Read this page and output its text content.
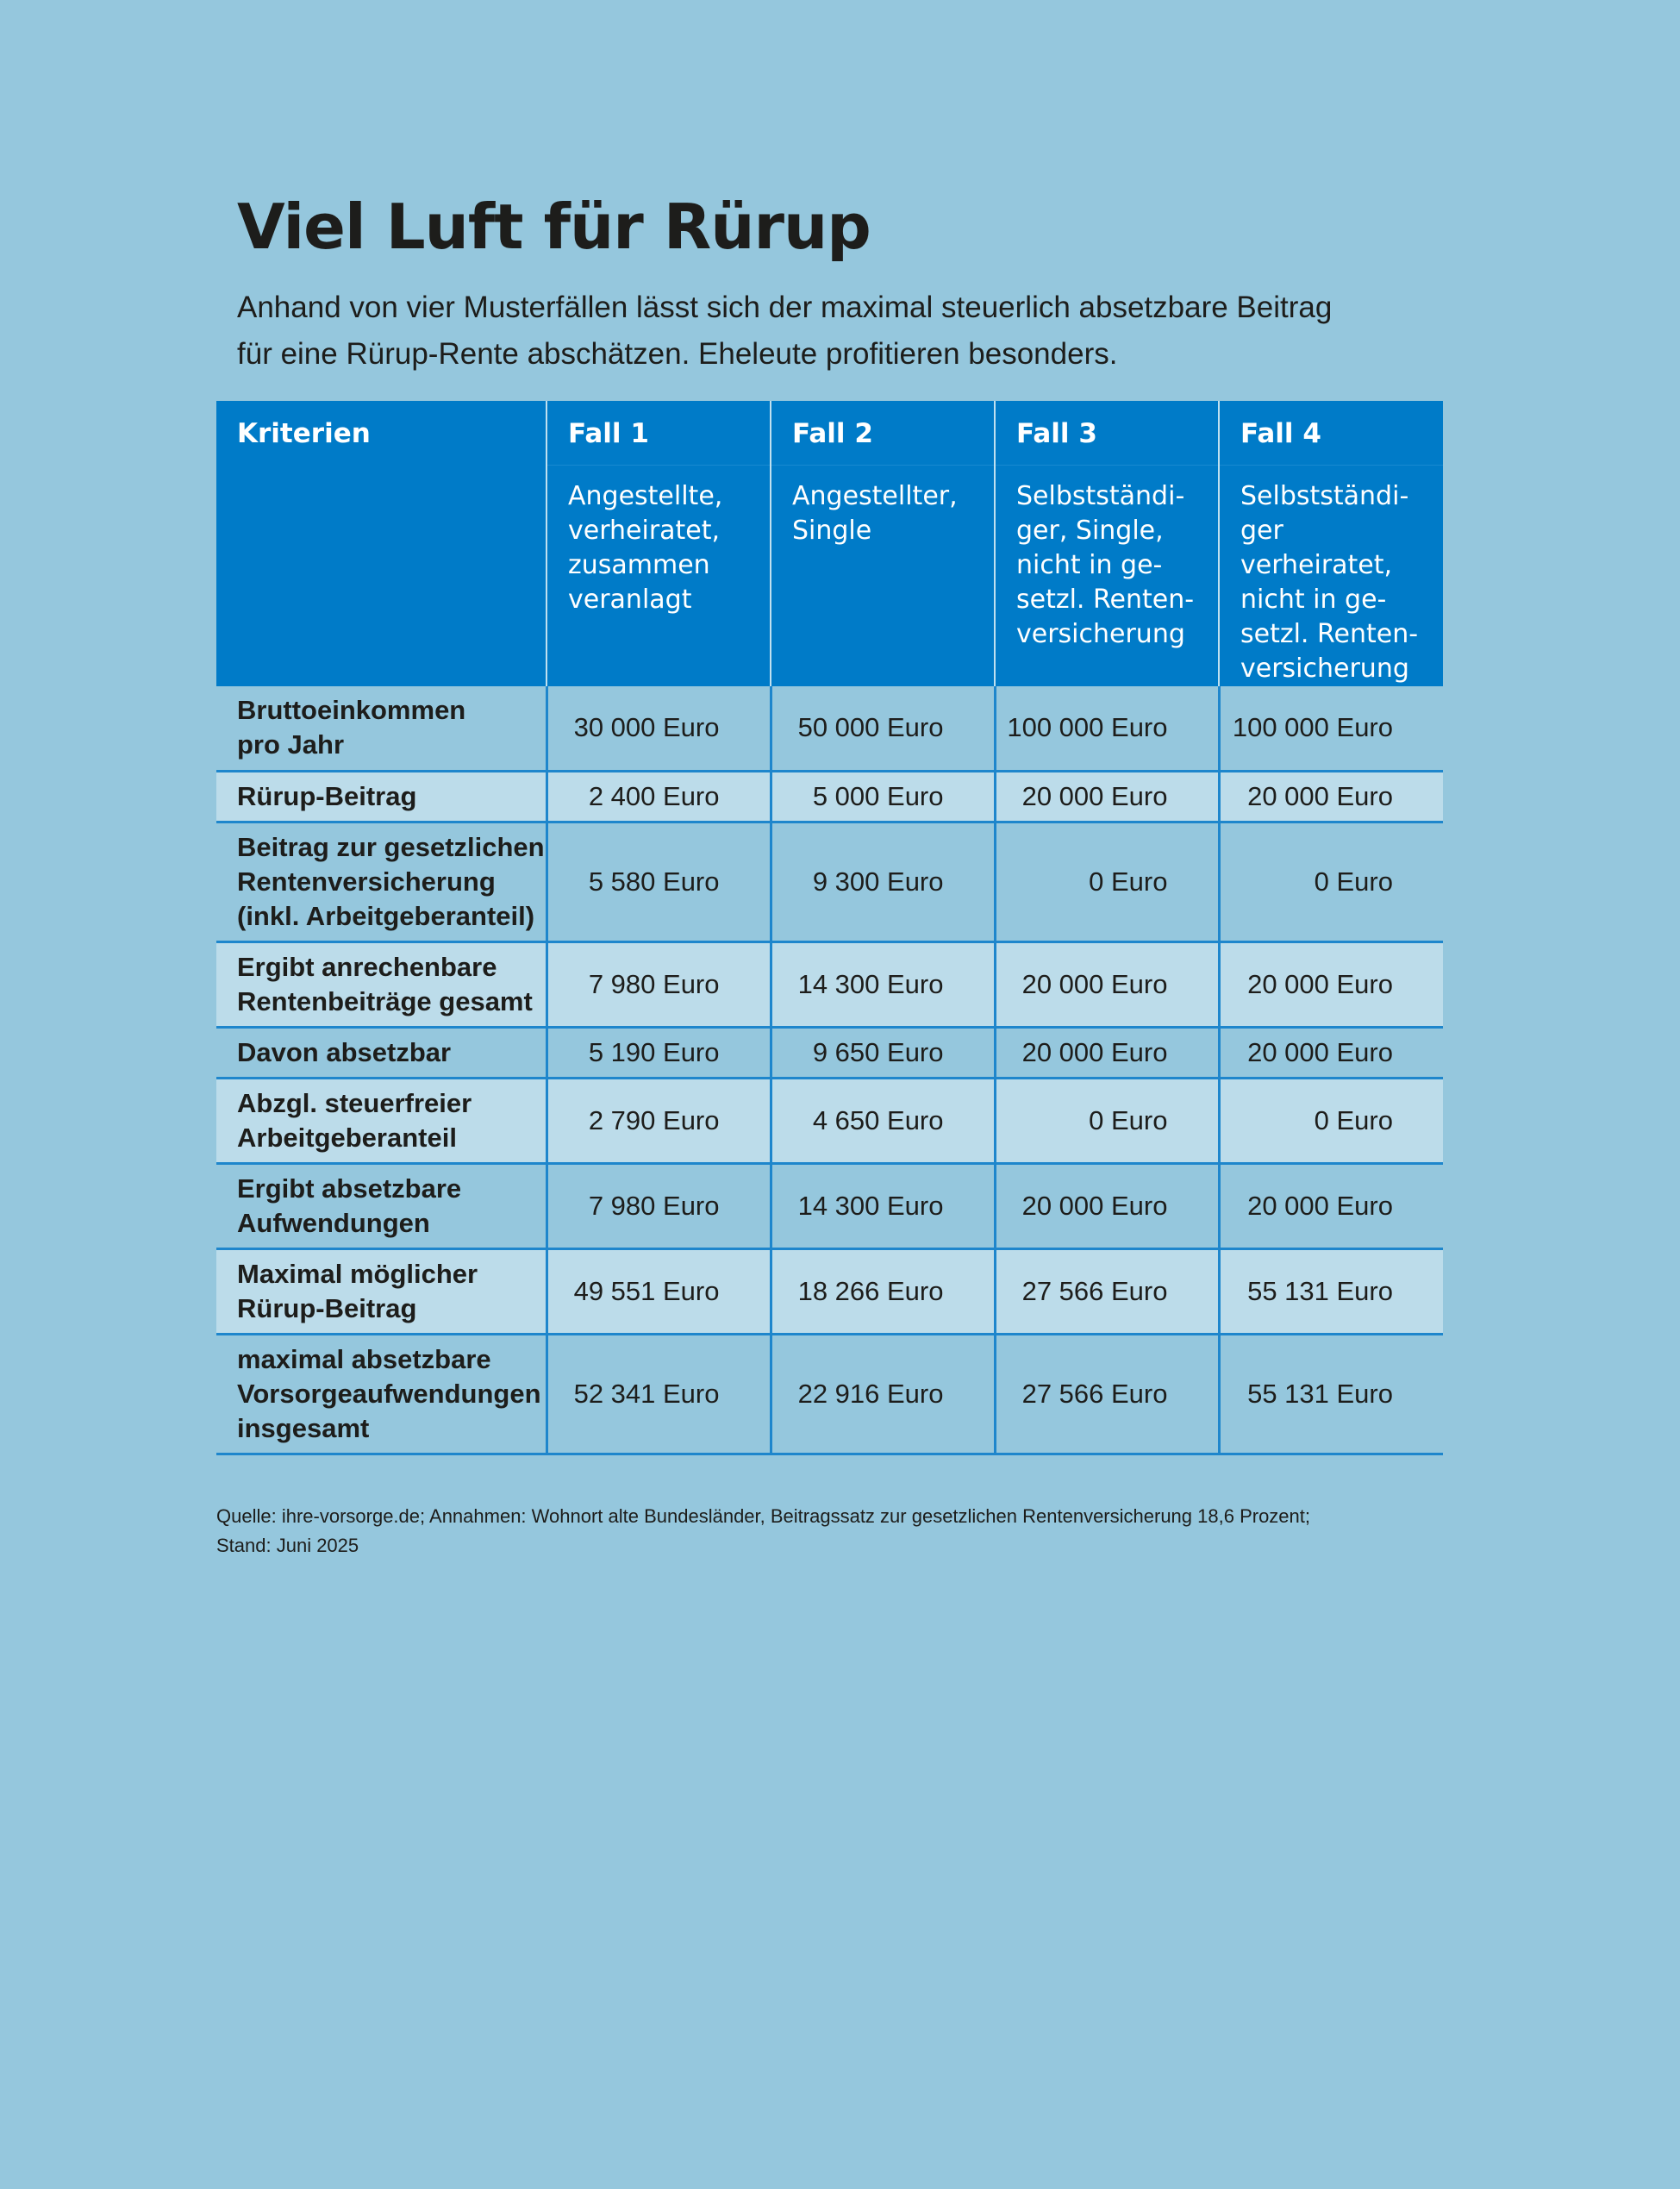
Viel Luft für Rürup

Anhand von vier Musterfällen lässt sich der maximal steuerlich absetzbare Beitrag
für eine Rürup-Rente abschätzen. Eheleute profitieren besonders.

Kriterien	Fall 1	Fall 2	Fall 3	Fall 4
	Angestellte,
verheiratet,
zusammen
veranlagt	Angestellter,
Single	Selbstständi-
ger, Single,
nicht in ge-
setzl. Renten-
versicherung	Selbstständi-
ger verheiratet,
nicht in ge-
setzl. Renten-
versicherung
Bruttoeinkommen
pro Jahr	30 000 Euro	50 000 Euro	100 000 Euro	100 000 Euro
Rürup-Beitrag	2 400 Euro	5 000 Euro	20 000 Euro	20 000 Euro
Beitrag zur gesetzlichen
Rentenversicherung
(inkl. Arbeitgeberanteil)	5 580 Euro	9 300 Euro	0 Euro	0 Euro
Ergibt anrechenbare
Rentenbeiträge gesamt	7 980 Euro	14 300 Euro	20 000 Euro	20 000 Euro
Davon absetzbar	5 190 Euro	9 650 Euro	20 000 Euro	20 000 Euro
Abzgl. steuerfreier
Arbeitgeberanteil	2 790 Euro	4 650 Euro	0 Euro	0 Euro
Ergibt absetzbare
Aufwendungen	7 980 Euro	14 300 Euro	20 000 Euro	20 000 Euro
Maximal möglicher
Rürup-Beitrag	49 551 Euro	18 266 Euro	27 566 Euro	55 131 Euro
maximal absetzbare
Vorsorgeaufwendungen
insgesamt	52 341 Euro	22 916 Euro	27 566 Euro	55 131 Euro

Quelle: ihre-vorsorge.de; Annahmen: Wohnort alte Bundesländer, Beitragssatz zur gesetzlichen Rentenversicherung 18,6 Prozent;
Stand: Juni 2025
